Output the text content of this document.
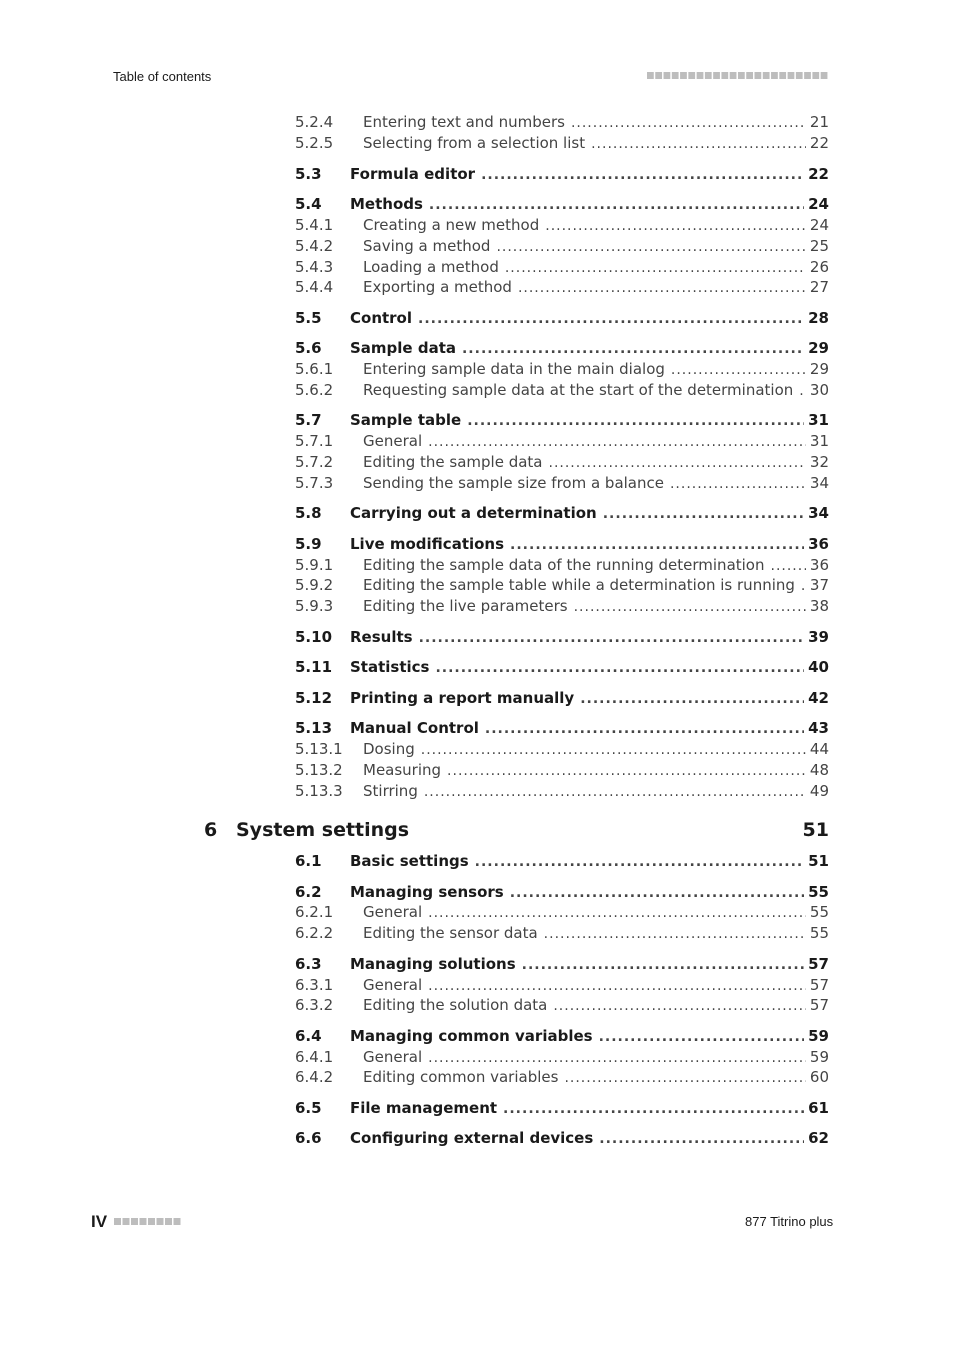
Table of contents
5.2.4	Entering text and numbers .....	21
5.2.5	Selecting from a selection list .....	22
5.3	Formula editor .....	22
5.4	Methods .....	24
5.4.1	Creating a new method .....	24
5.4.2	Saving a method .....	25
5.4.3	Loading a method .....	26
5.4.4	Exporting a method .....	27
5.5	Control .....	28
5.6	Sample data .....	29
5.6.1	Entering sample data in the main dialog .....	29
5.6.2	Requesting sample data at the start of the determination ..... 30
5.7	Sample table .....	31
5.7.1	General .....	31
5.7.2	Editing the sample data .....	32
5.7.3	Sending the sample size from a balance .....	34
5.8	Carrying out a determination .....	34
5.9	Live modifications .....	36
5.9.1	Editing the sample data of the running determination .....	36
5.9.2	Editing the sample table while a determination is running ..... 37
5.9.3	Editing the live parameters .....	38
5.10	Results .....	39
5.11	Statistics .....	40
5.12	Printing a report manually .....	42
5.13	Manual Control .....	43
5.13.1	Dosing .....	44
5.13.2	Measuring .....	48
5.13.3	Stirring .....	49
6 System settings	51
6.1	Basic settings .....	51
6.2	Managing sensors .....	55
6.2.1	General .....	55
6.2.2	Editing the sensor data .....	55
6.3	Managing solutions .....	57
6.3.1	General .....	57
6.3.2	Editing the solution data .....	57
6.4	Managing common variables .....	59
6.4.1	General .....	59
6.4.2	Editing common variables .....	60
6.5	File management .....	61
6.6	Configuring external devices .....	62
IV	877 Titrino plus
